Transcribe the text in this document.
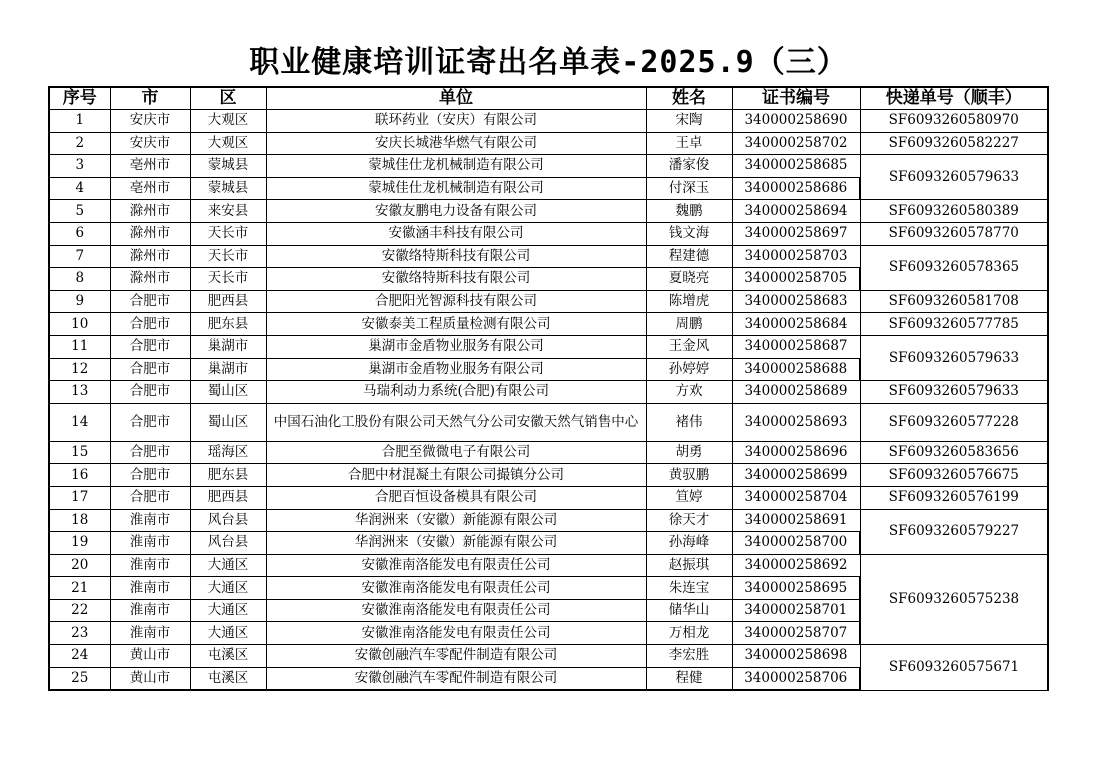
职业健康培训证寄出名单表-2025.9（三）
序号	市	区	单位	姓名	证书编号	快递单号（顺丰）
1	安庆市	大观区	联环药业（安庆）有限公司	宋陶	340000258690	SF6093260580970
2	安庆市	大观区	安庆长城港华燃气有限公司	王卓	340000258702	SF6093260582227
3	亳州市	蒙城县	蒙城佳仕龙机械制造有限公司	潘家俊	340000258685	SF6093260579633
4	亳州市	蒙城县	蒙城佳仕龙机械制造有限公司	付深玉	340000258686	
5	滁州市	来安县	安徽友鹏电力设备有限公司	魏鹏	340000258694	SF6093260580389
6	滁州市	天长市	安徽涵丰科技有限公司	钱文海	340000258697	SF6093260578770
7	滁州市	天长市	安徽络特斯科技有限公司	程建德	340000258703	SF6093260578365
8	滁州市	天长市	安徽络特斯科技有限公司	夏晓亮	340000258705	
9	合肥市	肥西县	合肥阳光智源科技有限公司	陈增虎	340000258683	SF6093260581708
10	合肥市	肥东县	安徽泰美工程质量检测有限公司	周鹏	340000258684	SF6093260577785
11	合肥市	巢湖市	巢湖市金盾物业服务有限公司	王金风	340000258687	SF6093260579633
12	合肥市	巢湖市	巢湖市金盾物业服务有限公司	孙婷婷	340000258688	
13	合肥市	蜀山区	马瑞利动力系统(合肥)有限公司	方欢	340000258689	SF6093260579633
14	合肥市	蜀山区	中国石油化工股份有限公司天然气分公司安徽天然气销售中心	褚伟	340000258693	SF6093260577228
15	合肥市	瑶海区	合肥至微微电子有限公司	胡勇	340000258696	SF6093260583656
16	合肥市	肥东县	合肥中材混凝土有限公司撮镇分公司	黄驭鹏	340000258699	SF6093260576675
17	合肥市	肥西县	合肥百恒设备模具有限公司	笪婷	340000258704	SF6093260576199
18	淮南市	风台县	华润洲来（安徽）新能源有限公司	徐天才	340000258691	SF6093260579227
19	淮南市	风台县	华润洲来（安徽）新能源有限公司	孙海峰	340000258700	
20	淮南市	大通区	安徽淮南洛能发电有限责任公司	赵振琪	340000258692	SF6093260575238
21	淮南市	大通区	安徽淮南洛能发电有限责任公司	朱连宝	340000258695	
22	淮南市	大通区	安徽淮南洛能发电有限责任公司	储华山	340000258701	
23	淮南市	大通区	安徽淮南洛能发电有限责任公司	万相龙	340000258707	
24	黄山市	屯溪区	安徽创融汽车零配件制造有限公司	李宏胜	340000258698	SF6093260575671
25	黄山市	屯溪区	安徽创融汽车零配件制造有限公司	程健	340000258706	
